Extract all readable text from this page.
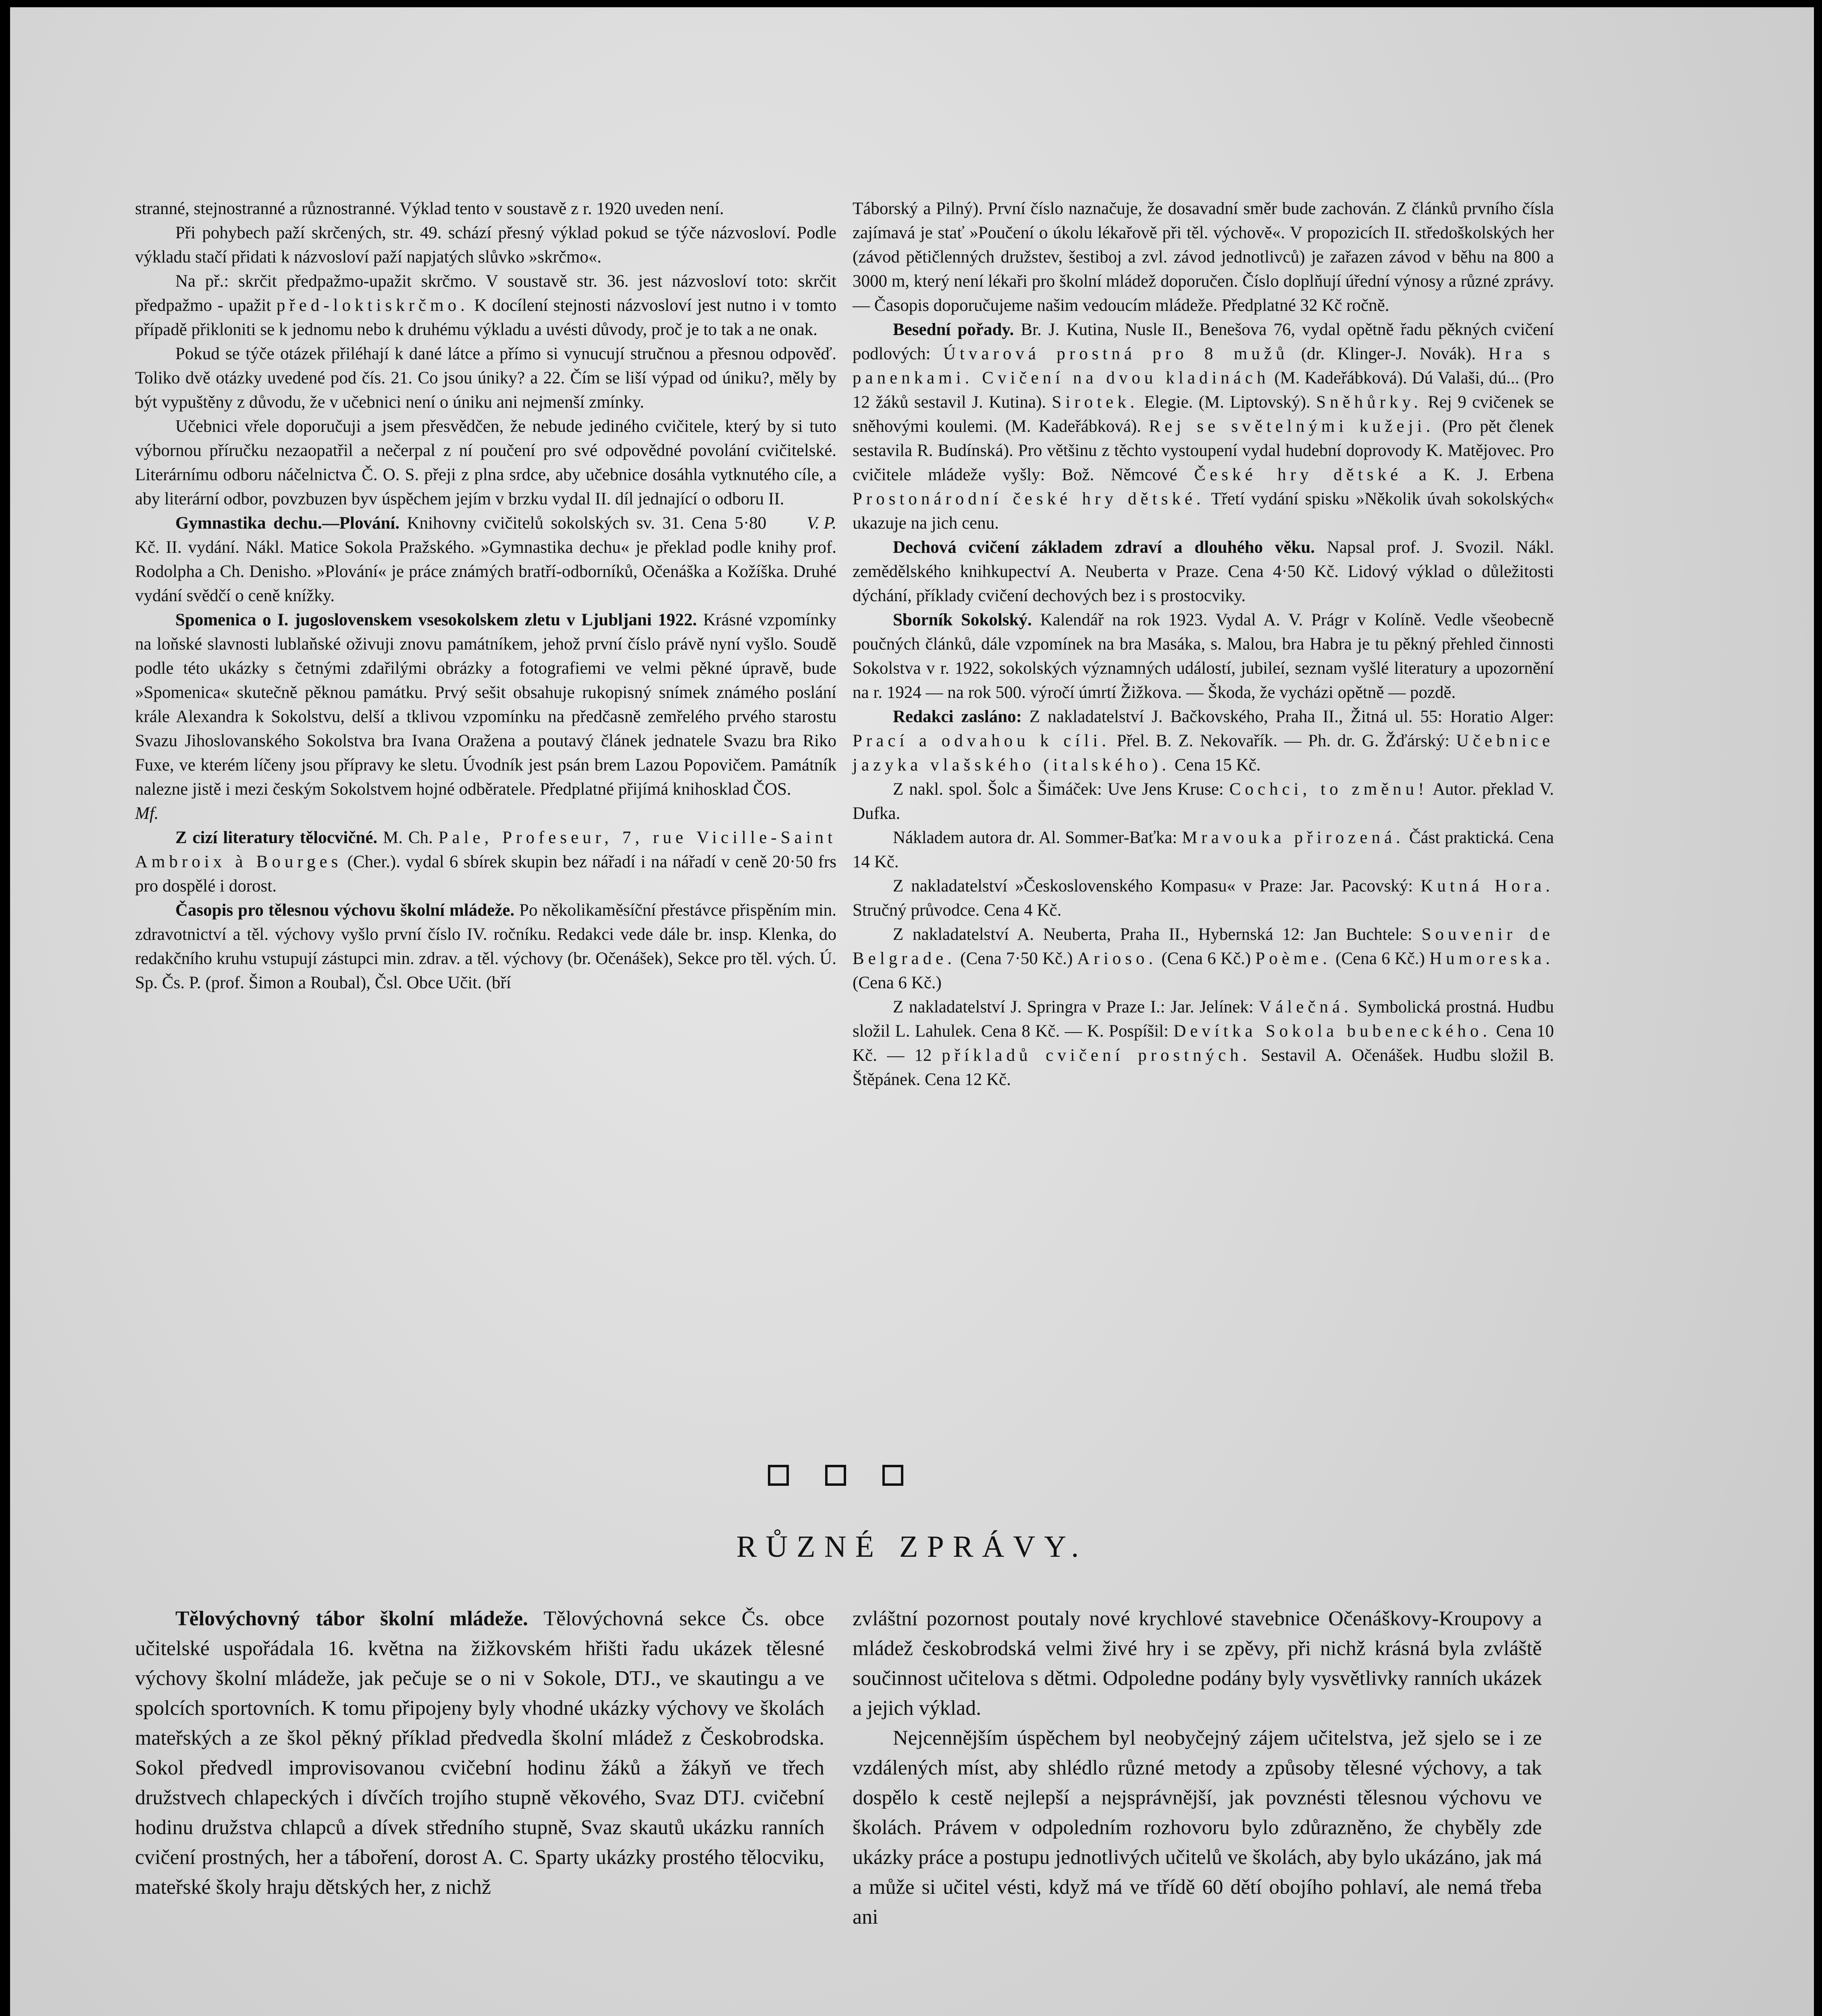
stranné, stejnostranné a různostranné. Výklad tento v soustavě z r. 1920 uveden není.

Při pohybech paží skrčených, str. 49. schází přesný výklad pokud se týče názvosloví. Podle výkladu stačí přidati k názvosloví paží napjatých slůvko »skrčmo«.

Na př.: skrčit předpažmo-upažit skrčmo. V soustavě str. 36. jest názvosloví toto: skrčit předpažmo - upažit před-loktiskrčmo. K docílení stejnosti názvosloví jest nutno i v tomto případě přikloniti se k jednomu nebo k druhému výkladu a uvésti důvody, proč je to tak a ne onak.

Pokud se týče otázek přiléhají k dané látce a přímo si vynucují stručnou a přesnou odpověď. Toliko dvě otázky uvedené pod čís. 21. Co jsou úniky? a 22. Čím se liší výpad od úniku?, měly by být vypuštěny z důvodu, že v učebnici není o úniku ani nejmenší zmínky.

Učebnici vřele doporučuji a jsem přesvědčen, že nebude jediného cvičitele, který by si tuto výbornou příručku nezaopatřil a nečerpal z ní poučení pro své odpovědné povolání cvičitelské. Literárnímu odboru náčelnictva Č. O. S. přeji z plna srdce, aby učebnice dosáhla vytknutého cíle, a aby literární odbor, povzbuzen byv úspěchem jejím v brzku vydal II. díl jednající o odboru II.
V. P.

Gymnastika dechu.—Plování. Knihovny cvičitelů sokolských sv. 31. Cena 5·80 Kč. II. vydání. Nákl. Matice Sokola Pražského. »Gymnastika dechu« je překlad podle knihy prof. Rodolpha a Ch. Denisho. »Plování« je práce známých bratří-odborníků, Očenáška a Kožíška. Druhé vydání svědčí o ceně knížky.

Spomenica o I. jugoslovenskem vsesokolskem zletu v Ljubljani 1922. Krásné vzpomínky na loňské slavnosti lublaňské oživuji znovu památníkem, jehož první číslo právě nyní vyšlo. Soudě podle této ukázky s četnými zdařilými obrázky a fotografiemi ve velmi pěkné úpravě, bude »Spomenica« skutečně pěknou památku. Prvý sešit obsahuje rukopisný snímek známého poslání krále Alexandra k Sokolstvu, delší a tklivou vzpomínku na předčasně zemřelého prvého starostu Svazu Jihoslovanského Sokolstva bra Ivana Oražena a poutavý článek jednatele Svazu bra Riko Fuxe, ve kterém líčeny jsou přípravy ke sletu. Úvodník jest psán brem Lazou Popovičem. Památník nalezne jistě i mezi českým Sokolstvem hojné odběratele. Předplatné přijímá knihosklad ČOS.

Mf.

Z cizí literatury tělocvičné. M. Ch. Pale, Profeseur, 7, rue Vicille-Saint Ambroix à Bourges (Cher.). vydal 6 sbírek skupin bez nářadí i na nářadí v ceně 20·50 frs pro dospělé i dorost.

Časopis pro tělesnou výchovu školní mládeže. Po několikaměsíční přestávce přispěním min. zdravotnictví a těl. výchovy vyšlo první číslo IV. ročníku. Redakci vede dále br. insp. Klenka, do redakčního kruhu vstupují zástupci min. zdrav. a těl. výchovy (br. Očenášek), Sekce pro těl. vých. Ú. Sp. Čs. P. (prof. Šimon a Roubal), Čsl. Obce Učit. (bří

Táborský a Pilný). První číslo naznačuje, že dosavadní směr bude zachován. Z článků prvního čísla zajímavá je stať »Poučení o úkolu lékařově při těl. výchově«. V propozicích II. středoškolských her (závod pětičlenných družstev, šestiboj a zvl. závod jednotlivců) je zařazen závod v běhu na 800 a 3000 m, který není lékaři pro školní mládež doporučen. Číslo doplňují úřední výnosy a různé zprávy. — Časopis doporučujeme našim vedoucím mládeže. Předplatné 32 Kč ročně.

Besední pořady. Br. J. Kutina, Nusle II., Benešova 76, vydal opětně řadu pěkných cvičení podlových: Útvarová prostná pro 8 mužů (dr. Klinger-J. Novák). Hra s panenkami. Cvičení na dvou kladinách (M. Kadeřábková). Dú Valaši, dú... (Pro 12 žáků sestavil J. Kutina). Sirotek. Elegie. (M. Liptovský). Sněhůrky. Rej 9 cvičenek se sněhovými koulemi. (M. Kadeřábková). Rej se světelnými kužeji. (Pro pět členek sestavila R. Budínská). Pro většinu z těchto vystoupení vydal hudební doprovody K. Matějovec. Pro cvičitele mládeže vyšly: Bož. Němcové České hry dětské a K. J. Erbena Prostonárodní české hry dětské. Třetí vydání spisku »Několik úvah sokolských« ukazuje na jich cenu.

Dechová cvičení základem zdraví a dlouhého věku. Napsal prof. J. Svozil. Nákl. zemědělského knihkupectví A. Neuberta v Praze. Cena 4·50 Kč. Lidový výklad o důležitosti dýchání, příklady cvičení dechových bez i s prostocviky.

Sborník Sokolský. Kalendář na rok 1923. Vydal A. V. Prágr v Kolíně. Vedle všeobecně poučných článků, dále vzpomínek na bra Masáka, s. Malou, bra Habra je tu pěkný přehled činnosti Sokolstva v r. 1922, sokolských významných událostí, jubileí, seznam vyšlé literatury a upozornění na r. 1924 — na rok 500. výročí úmrtí Žižkova. — Škoda, že vycházi opětně — pozdě.

Redakci zasláno: Z nakladatelství J. Bačkovského, Praha II., Žitná ul. 55: Horatio Alger: Prací a odvahou k cíli. Přel. B. Z. Nekovařík. — Ph. dr. G. Žďárský: Učebnice jazyka vlašského (italského). Cena 15 Kč.

Z nakl. spol. Šolc a Šimáček: Uve Jens Kruse: Cochci, to změnu! Autor. překlad V. Dufka.

Nákladem autora dr. Al. Sommer-Baťka: Mravouka přirozená. Část praktická. Cena 14 Kč.

Z nakladatelství »Československého Kompasu« v Praze: Jar. Pacovský: Kutná Hora. Stručný průvodce. Cena 4 Kč.

Z nakladatelství A. Neuberta, Praha II., Hybernská 12: Jan Buchtele: Souvenir de Belgrade. (Cena 7·50 Kč.) Arioso. (Cena 6 Kč.) Poème. (Cena 6 Kč.) Humoreska. (Cena 6 Kč.)

Z nakladatelství J. Springra v Praze I.: Jar. Jelínek: Válečná. Symbolická prostná. Hudbu složil L. Lahulek. Cena 8 Kč. — K. Pospíšil: Devítka Sokola bubeneckého. Cena 10 Kč. — 12 příkladů cvičení prostných. Sestavil A. Očenášek. Hudbu složil B. Štěpánek. Cena 12 Kč.

RŮZNÉ ZPRÁVY.

Tělovýchovný tábor školní mládeže. Tělovýchovná sekce Čs. obce učitelské uspořádala 16. května na žižkovském hřišti řadu ukázek tělesné výchovy školní mládeže, jak pečuje se o ni v Sokole, DTJ., ve skautingu a ve spolcích sportovních. K tomu připojeny byly vhodné ukázky výchovy ve školách mateřských a ze škol pěkný příklad předvedla školní mládež z Českobrodska. Sokol předvedl improvisovanou cvičební hodinu žáků a žákyň ve třech družstvech chlapeckých i dívčích trojího stupně věkového, Svaz DTJ. cvičební hodinu družstva chlapců a dívek středního stupně, Svaz skautů ukázku ranních cvičení prostných, her a táboření, dorost A. C. Sparty ukázky prostého tělocviku, mateřské školy hraju dětských her, z nichž

zvláštní pozornost poutaly nové krychlové stavebnice Očenáškovy-Kroupovy a mládež českobrodská velmi živé hry i se zpěvy, při nichž krásná byla zvláště součinnost učitelova s dětmi. Odpoledne podány byly vysvětlivky ranních ukázek a jejich výklad.

Nejcennějším úspěchem byl neobyčejný zájem učitelstva, jež sjelo se i ze vzdálených míst, aby shlédlo různé metody a způsoby tělesné výchovy, a tak dospělo k cestě nejlepší a nejsprávnější, jak povznésti tělesnou výchovu ve školách. Právem v odpoledním rozhovoru bylo zdůrazněno, že chyběly zde ukázky práce a postupu jednotlivých učitelů ve školách, aby bylo ukázáno, jak má a může si učitel vésti, když má ve třídě 60 dětí obojího pohlaví, ale nemá třeba ani
